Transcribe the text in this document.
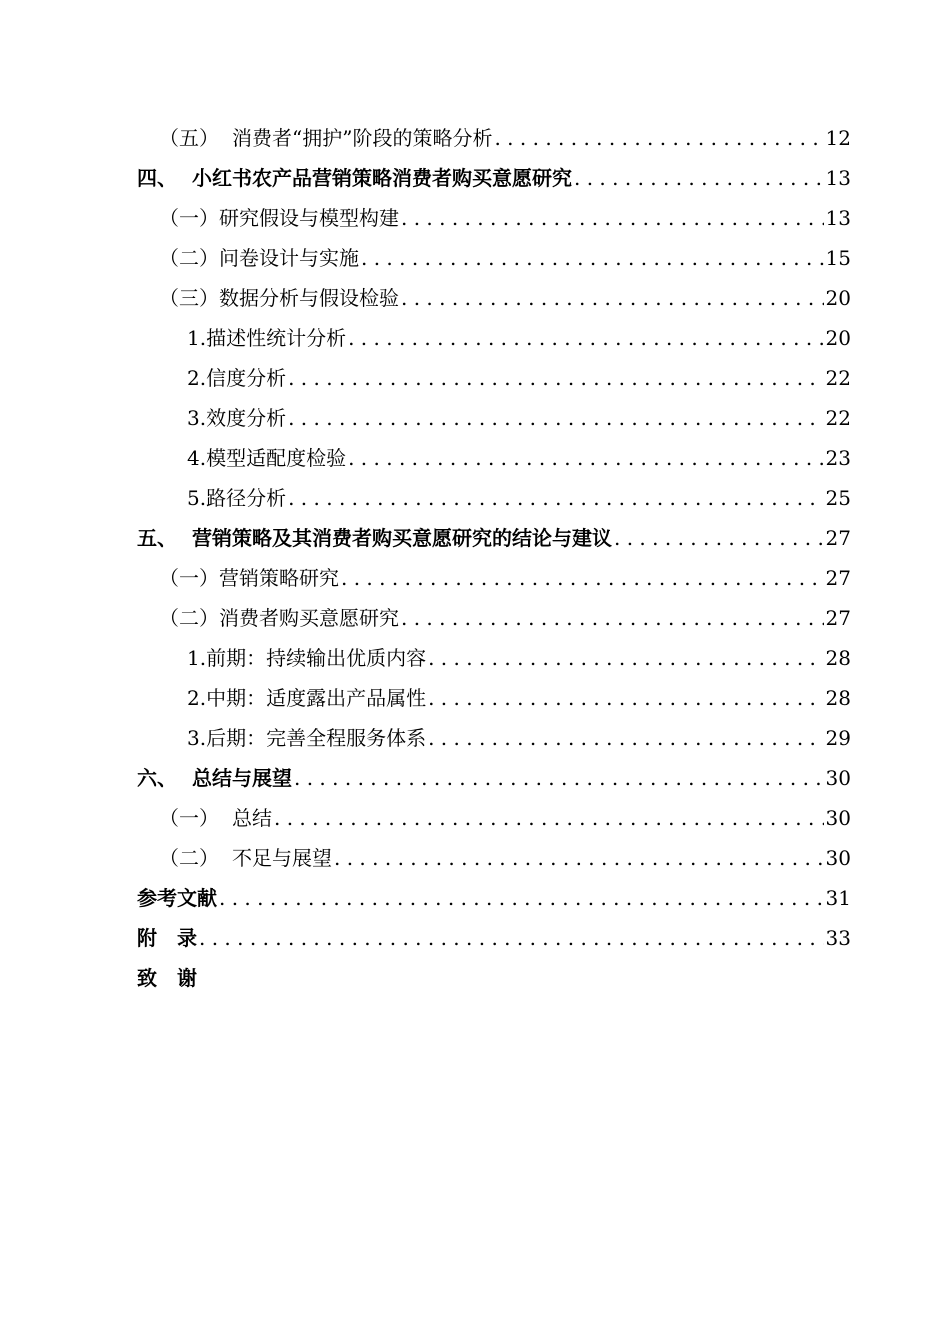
（五） 消费者“拥护”阶段的策略分析 . . .	12
四、 小红书农产品营销策略消费者购买意愿研究 . . .	13
（一）研究假设与模型构建 . . .	13
（二）问卷设计与实施 . . .	15
（三）数据分析与假设检验 . . .	20
1.描述性统计分析 . . .	20
2.信度分析 . . .	22
3.效度分析 . . .	22
4.模型适配度检验 . . .	23
5.路径分析 . . .	25
五、 营销策略及其消费者购买意愿研究的结论与建议 . . .	27
（一）营销策略研究 . . .	27
（二）消费者购买意愿研究 . . .	27
1.前期：持续输出优质内容 . . .	28
2.中期：适度露出产品属性 . . .	28
3.后期：完善全程服务体系 . . .	29
六、 总结与展望 . . .	30
（一） 总结 . . .	30
（二） 不足与展望 . . .	30
参考文献 . . .	31
附　录 . . .	33
致　谢
